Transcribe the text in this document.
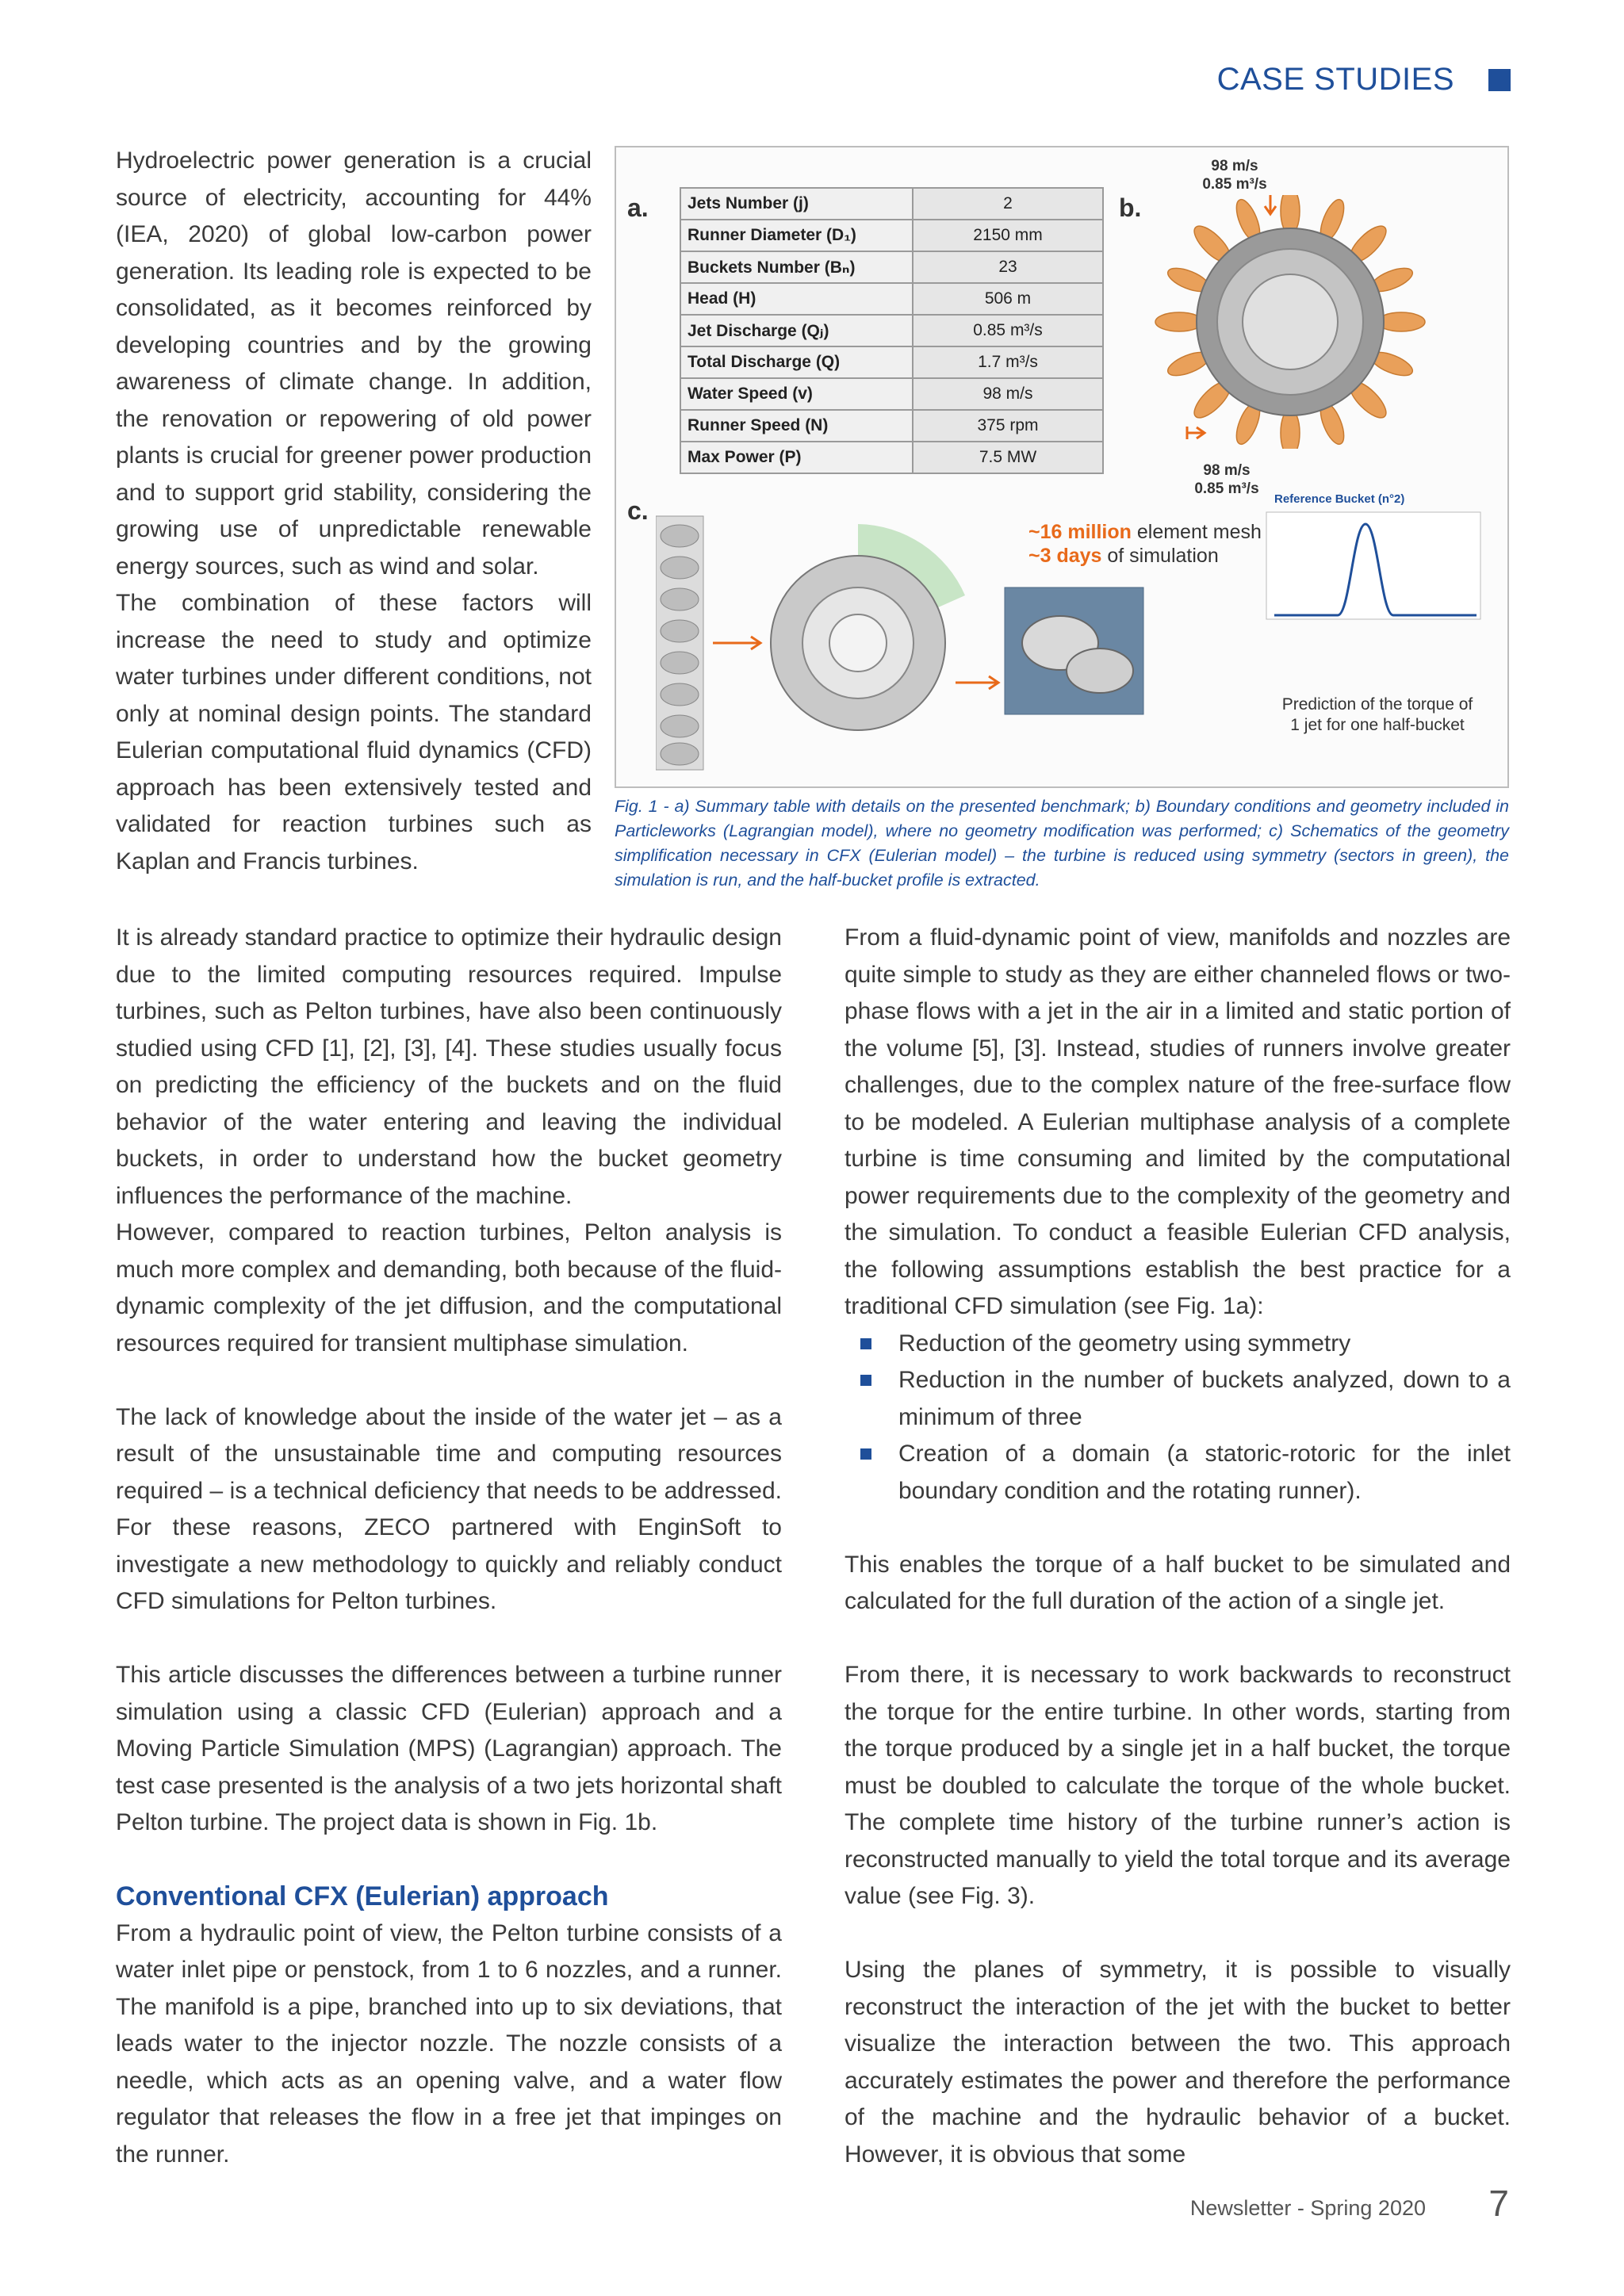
CASE STUDIES

Hydroelectric power generation is a crucial source of electricity, accounting for 44% (IEA, 2020) of global low-carbon power generation. Its leading role is expected to be consolidated, as it becomes reinforced by developing countries and by the growing awareness of climate change. In addition, the renovation or repowering of old power plants is crucial for greener power production and to support grid stability, considering the growing use of unpredictable renewable energy sources, such as wind and solar.

The combination of these factors will increase the need to study and optimize water turbines under different conditions, not only at nominal design points. The standard Eulerian computational fluid dynamics (CFD) approach has been extensively tested and validated for reaction turbines such as Kaplan and Francis turbines.

a.	b.
c.
Jets Number (j)	2
Runner Diameter (D₁)	2150 mm
Buckets Number (Bₙ)	23
Head (H)	506 m
Jet Discharge (Qⱼ)	0.85 m³/s
Total Discharge (Q)	1.7 m³/s
Water Speed (v)	98 m/s
Runner Speed (N)	375 rpm
Max Power (P)	7.5 MW
98 m/s
0.85 m³/s
98 m/s
0.85 m³/s
~16 million element mesh
~3 days of simulation
Reference Bucket (n°2)
Prediction of the torque of
1 jet for one half-bucket
Fig. 1 - a) Summary table with details on the presented benchmark; b) Boundary conditions and geometry included in Particleworks (Lagrangian model), where no geometry modification was performed; c) Schematics of the geometry simplification necessary in CFX (Eulerian model) – the turbine is reduced using symmetry (sectors in green), the simulation is run, and the half-bucket profile is extracted.

It is already standard practice to optimize their hydraulic design due to the limited computing resources required. Impulse turbines, such as Pelton turbines, have also been continuously studied using CFD [1], [2], [3], [4]. These studies usually focus on predicting the efficiency of the buckets and on the fluid behavior of the water entering and leaving the individual buckets, in order to understand how the bucket geometry influences the performance of the machine.

However, compared to reaction turbines, Pelton analysis is much more complex and demanding, both because of the fluid-dynamic complexity of the jet diffusion, and the computational resources required for transient multiphase simulation.

The lack of knowledge about the inside of the water jet – as a result of the unsustainable time and computing resources required – is a technical deficiency that needs to be addressed. For these reasons, ZECO partnered with EnginSoft to investigate a new methodology to quickly and reliably conduct CFD simulations for Pelton turbines.

This article discusses the differences between a turbine runner simulation using a classic CFD (Eulerian) approach and a Moving Particle Simulation (MPS) (Lagrangian) approach. The test case presented is the analysis of a two jets horizontal shaft Pelton turbine. The project data is shown in Fig. 1b.

Conventional CFX (Eulerian) approach

From a hydraulic point of view, the Pelton turbine consists of a water inlet pipe or penstock, from 1 to 6 nozzles, and a runner. The manifold is a pipe, branched into up to six deviations, that leads water to the injector nozzle. The nozzle consists of a needle, which acts as an opening valve, and a water flow regulator that releases the flow in a free jet that impinges on the runner.

From a fluid-dynamic point of view, manifolds and nozzles are quite simple to study as they are either channeled flows or two-phase flows with a jet in the air in a limited and static portion of the volume [5], [3]. Instead, studies of runners involve greater challenges, due to the complex nature of the free-surface flow to be modeled. A Eulerian multiphase analysis of a complete turbine is time consuming and limited by the computational power requirements due to the complexity of the geometry and the simulation. To conduct a feasible Eulerian CFD analysis, the following assumptions establish the best practice for a traditional CFD simulation (see Fig. 1a):

Reduction of the geometry using symmetry
Reduction in the number of buckets analyzed, down to a minimum of three
Creation of a domain (a statoric-rotoric for the inlet boundary condition and the rotating runner).

This enables the torque of a half bucket to be simulated and calculated for the full duration of the action of a single jet.

From there, it is necessary to work backwards to reconstruct the torque for the entire turbine. In other words, starting from the torque produced by a single jet in a half bucket, the torque must be doubled to calculate the torque of the whole bucket. The complete time history of the turbine runner’s action is reconstructed manually to yield the total torque and its average value (see Fig. 3).

Using the planes of symmetry, it is possible to visually reconstruct the interaction of the jet with the bucket to better visualize the interaction between the two. This approach accurately estimates the power and therefore the performance of the machine and the hydraulic behavior of a bucket. However, it is obvious that some

Newsletter - Spring 2020 7
